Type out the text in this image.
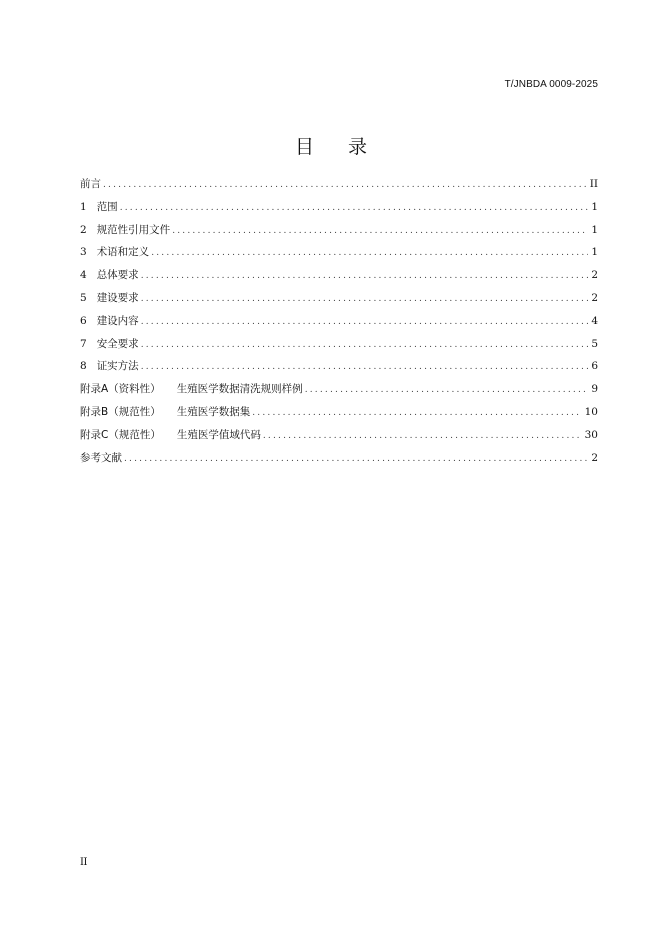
T/JNBDA 0009-2025
目 录
前言 .....	II
1 范围 .....	1
2 规范性引用文件 .....	1
3 术语和定义 .....	1
4 总体要求 .....	2
5 建设要求 .....	2
6 建设内容 .....	4
7 安全要求 .....	5
8 证实方法 .....	6
附录A（资料性） 生殖医学数据清洗规则样例 .....	9
附录B（规范性） 生殖医学数据集 .....	10
附录C（规范性） 生殖医学值域代码 .....	30
参考文献 .....	2
II
